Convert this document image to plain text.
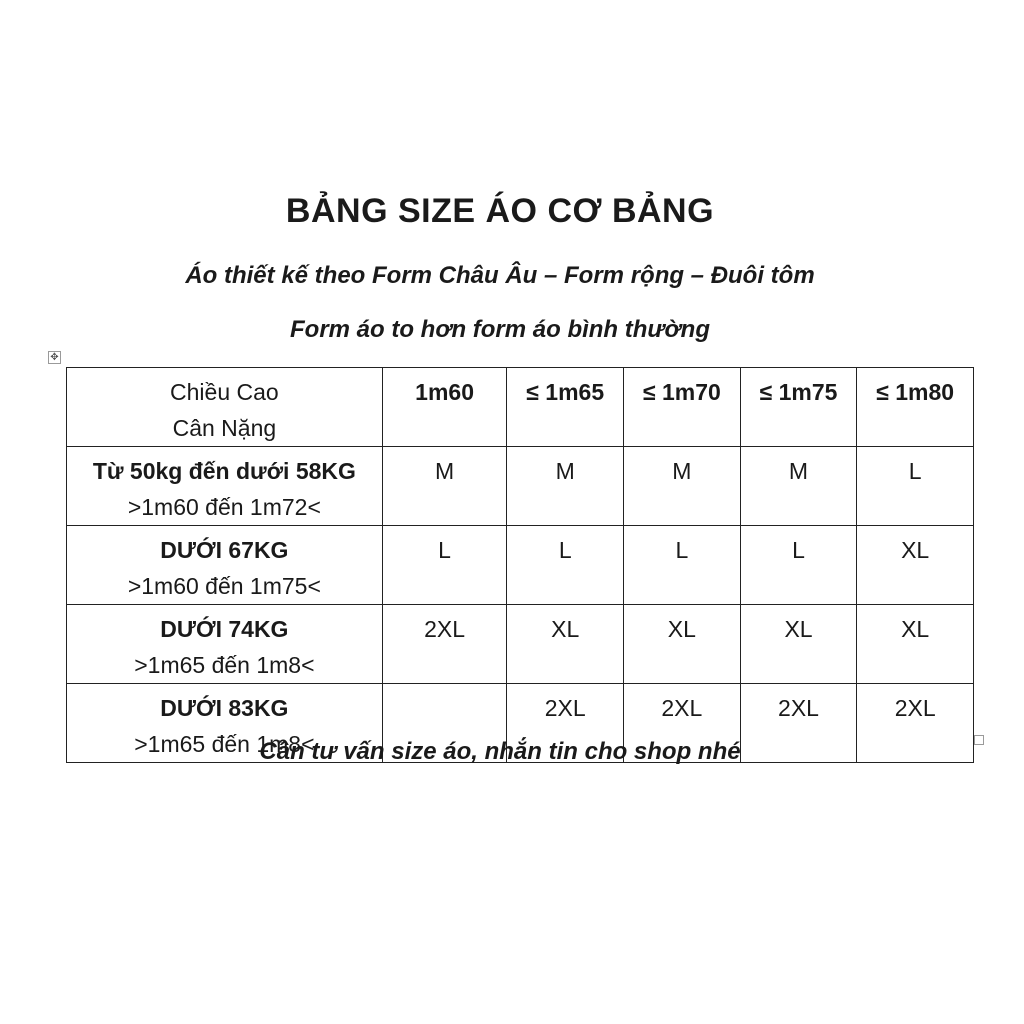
BẢNG SIZE ÁO CƠ BẢNG
Áo thiết kế theo Form Châu Âu – Form rộng – Đuôi tôm
Form áo to hơn form áo bình thường
✥
Chiều Cao
Cân Nặng	1m60	≤ 1m65	≤ 1m70	≤ 1m75	≤ 1m80

Từ 50kg đến dưới 58KG
>1m60 đến 1m72<	M	M	M	M	L

DƯỚI 67KG
>1m60 đến 1m75<	L	L	L	L	XL

DƯỚI 74KG
>1m65 đến 1m8<	2XL	XL	XL	XL	XL

DƯỚI 83KG
>1m65 đến 1m8<		2XL	2XL	2XL	2XL
Cần tư vấn size áo, nhắn tin cho shop nhé
